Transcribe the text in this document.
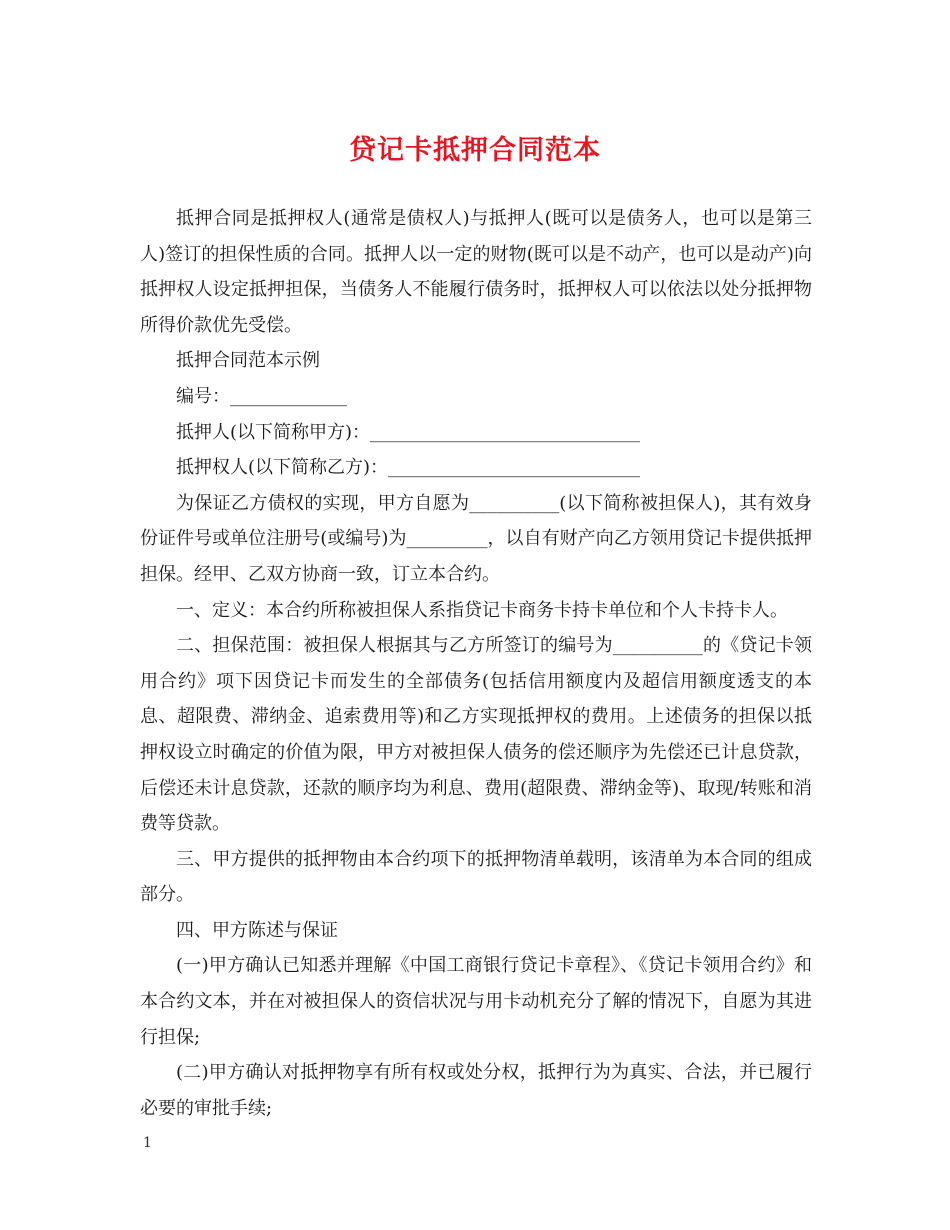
贷记卡抵押合同范本

抵押合同是抵押权人(通常是债权人)与抵押人(既可以是债务人，也可以是第三人)签订的担保性质的合同。抵押人以一定的财物(既可以是不动产，也可以是动产)向抵押权人设定抵押担保，当债务人不能履行债务时，抵押权人可以依法以处分抵押物所得价款优先受偿。

抵押合同范本示例

编号：_____________

抵押人(以下简称甲方)：______________________________

抵押权人(以下简称乙方)：____________________________

为保证乙方债权的实现，甲方自愿为__________(以下简称被担保人)，其有效身份证件号或单位注册号(或编号)为_________，以自有财产向乙方领用贷记卡提供抵押担保。经甲、乙双方协商一致，订立本合约。

一、定义：本合约所称被担保人系指贷记卡商务卡持卡单位和个人卡持卡人。

二、担保范围：被担保人根据其与乙方所签订的编号为__________的《贷记卡领用合约》项下因贷记卡而发生的全部债务(包括信用额度内及超信用额度透支的本息、超限费、滞纳金、追索费用等)和乙方实现抵押权的费用。上述债务的担保以抵押权设立时确定的价值为限，甲方对被担保人债务的偿还顺序为先偿还已计息贷款，后偿还未计息贷款，还款的顺序均为利息、费用(超限费、滞纳金等)、取现/转账和消费等贷款。

三、甲方提供的抵押物由本合约项下的抵押物清单载明，该清单为本合同的组成部分。

四、甲方陈述与保证

(一)甲方确认已知悉并理解《中国工商银行贷记卡章程》、《贷记卡领用合约》和本合约文本，并在对被担保人的资信状况与用卡动机充分了解的情况下，自愿为其进行担保;

(二)甲方确认对抵押物享有所有权或处分权，抵押行为为真实、合法，并已履行必要的审批手续;

1
